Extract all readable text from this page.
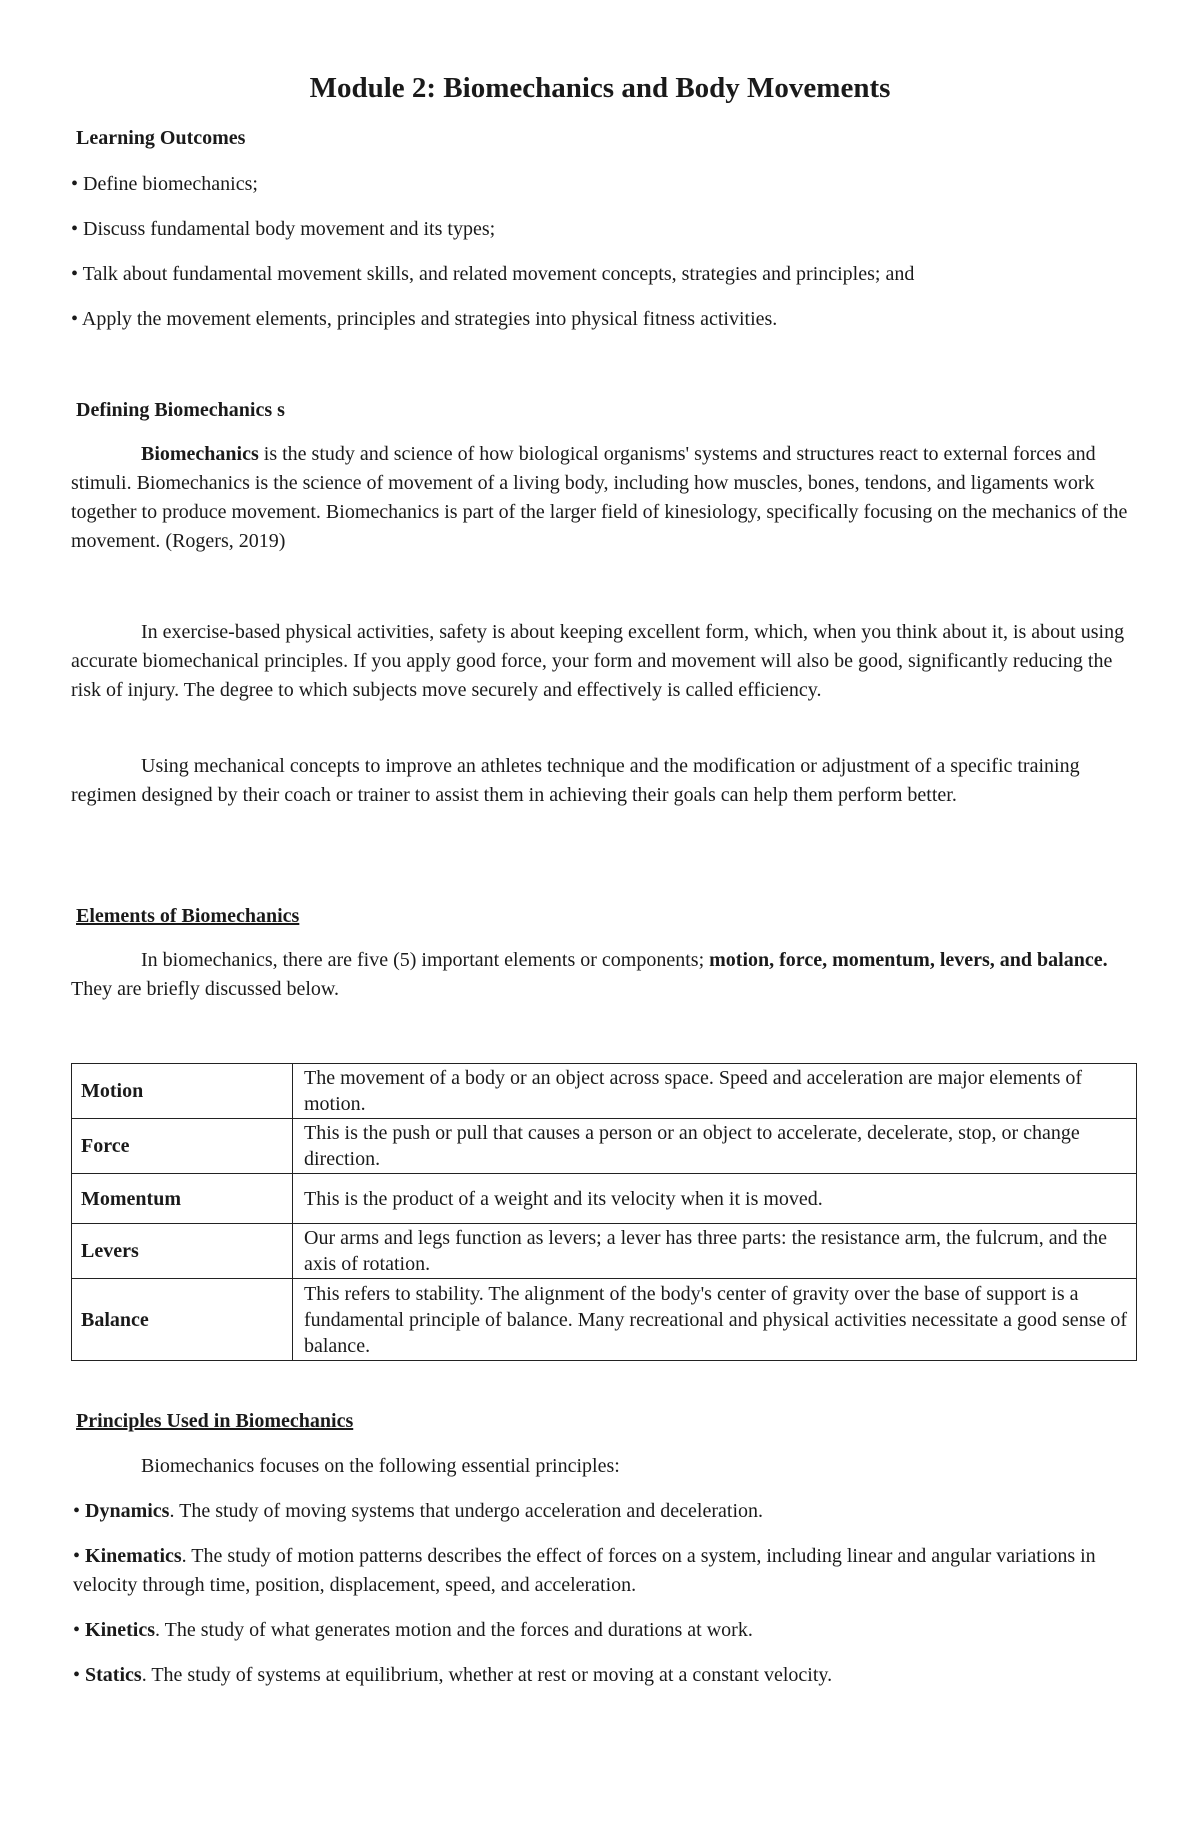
Module 2: Biomechanics and Body Movements
Learning Outcomes
• Define biomechanics;
• Discuss fundamental body movement and its types;
• Talk about fundamental movement skills, and related movement concepts, strategies and principles; and
• Apply the movement elements, principles and strategies into physical fitness activities.
Defining Biomechanics s

Biomechanics is the study and science of how biological organisms' systems and structures react to external forces and stimuli. Biomechanics is the science of movement of a living body, including how muscles, bones, tendons, and ligaments work together to produce movement. Biomechanics is part of the larger field of kinesiology, specifically focusing on the mechanics of the movement. (Rogers, 2019)

In exercise-based physical activities, safety is about keeping excellent form, which, when you think about it, is about using accurate biomechanical principles. If you apply good force, your form and movement will also be good, significantly reducing the risk of injury. The degree to which subjects move securely and effectively is called efficiency.

Using mechanical concepts to improve an athletes technique and the modification or adjustment of a specific training regimen designed by their coach or trainer to assist them in achieving their goals can help them perform better.

Elements of Biomechanics

In biomechanics, there are five (5) important elements or components; motion, force, momentum, levers, and balance. They are briefly discussed below.

Motion	The movement of a body or an object across space. Speed and acceleration are major elements of motion.
Force	This is the push or pull that causes a person or an object to accelerate, decelerate, stop, or change direction.
Momentum	This is the product of a weight and its velocity when it is moved.
Levers	Our arms and legs function as levers; a lever has three parts: the resistance arm, the fulcrum, and the axis of rotation.
Balance	This refers to stability. The alignment of the body's center of gravity over the base of support is a fundamental principle of balance. Many recreational and physical activities necessitate a good sense of balance.
Principles Used in Biomechanics

Biomechanics focuses on the following essential principles:

• Dynamics. The study of moving systems that undergo acceleration and deceleration.
• Kinematics. The study of motion patterns describes the effect of forces on a system, including linear and angular variations in velocity through time, position, displacement, speed, and acceleration.
• Kinetics. The study of what generates motion and the forces and durations at work.
• Statics. The study of systems at equilibrium, whether at rest or moving at a constant velocity.
